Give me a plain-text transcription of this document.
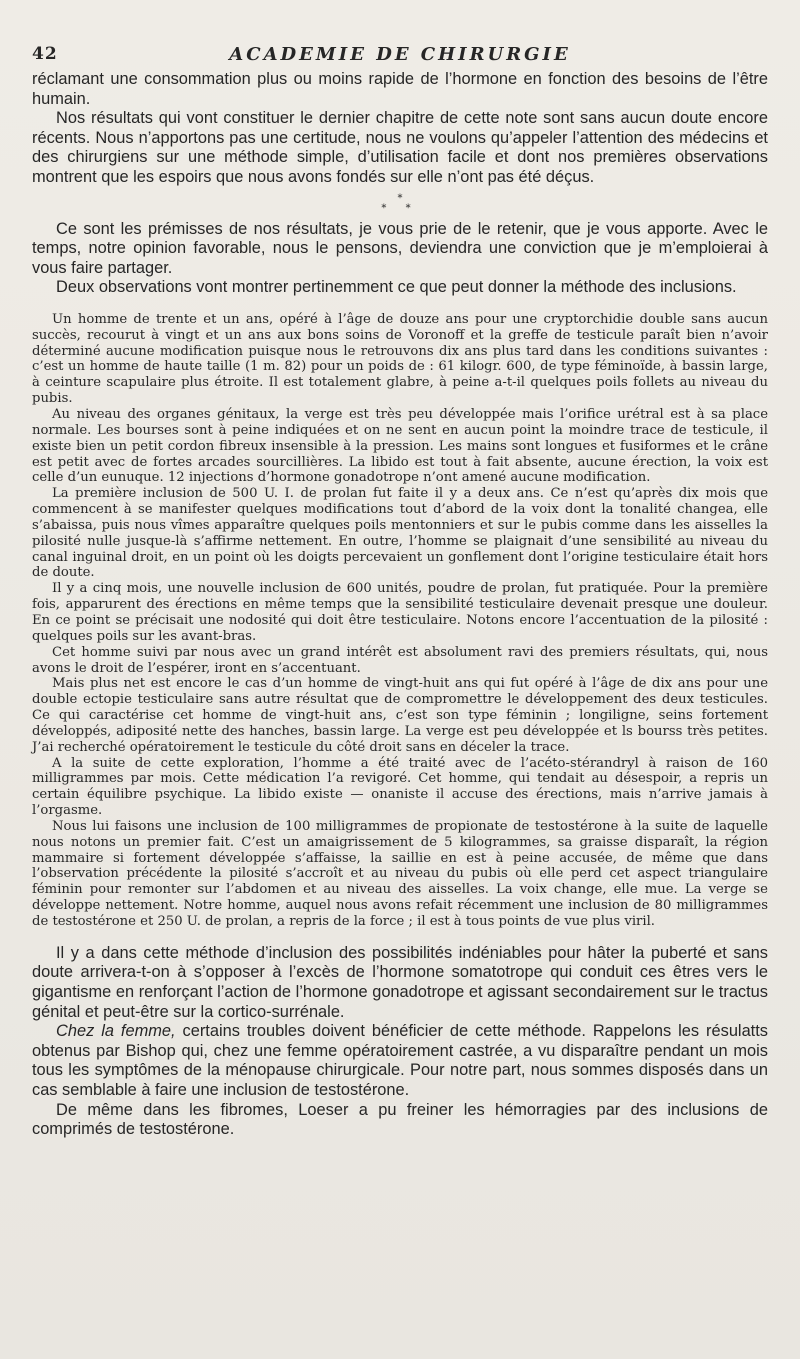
42	ACADEMIE DE CHIRURGIE

réclamant une consommation plus ou moins rapide de l’hormone en fonction des besoins de l’être humain.

Nos résultats qui vont constituer le dernier chapitre de cette note sont sans aucun doute encore récents. Nous n’apportons pas une certitude, nous ne voulons qu’appeler l’attention des médecins et des chirurgiens sur une méthode simple, d’utilisation facile et dont nos premières observations montrent que les espoirs que nous avons fondés sur elle n’ont pas été déçus.

*
* *

Ce sont les prémisses de nos résultats, je vous prie de le retenir, que je vous apporte. Avec le temps, notre opinion favorable, nous le pensons, deviendra une conviction que je m’emploierai à vous faire partager.

Deux observations vont montrer pertinemment ce que peut donner la méthode des inclusions.

Un homme de trente et un ans, opéré à l’âge de douze ans pour une cryptorchidie double sans aucun succès, recourut à vingt et un ans aux bons soins de Voronoff et la greffe de testicule paraît bien n’avoir déterminé aucune modification puisque nous le retrouvons dix ans plus tard dans les conditions suivantes : c’est un homme de haute taille (1 m. 82) pour un poids de : 61 kilogr. 600, de type féminoïde, à bassin large, à ceinture scapulaire plus étroite. Il est totalement glabre, à peine a-t-il quelques poils follets au niveau du pubis.

Au niveau des organes génitaux, la verge est très peu développée mais l’orifice urétral est à sa place normale. Les bourses sont à peine indiquées et on ne sent en aucun point la moindre trace de testicule, il existe bien un petit cordon fibreux insensible à la pression. Les mains sont longues et fusiformes et le crâne est petit avec de fortes arcades sourcillières. La libido est tout à fait absente, aucune érection, la voix est celle d’un eunuque. 12 injections d’hormone gonadotrope n’ont amené aucune modification.

La première inclusion de 500 U. I. de prolan fut faite il y a deux ans. Ce n’est qu’après dix mois que commencent à se manifester quelques modifications tout d’abord de la voix dont la tonalité changea, elle s’abaissa, puis nous vîmes apparaître quelques poils mentonniers et sur le pubis comme dans les aisselles la pilosité nulle jusque-là s’affirme nettement. En outre, l’homme se plaignait d’une sensibilité au niveau du canal inguinal droit, en un point où les doigts percevaient un gonflement dont l’origine testiculaire était hors de doute.

Il y a cinq mois, une nouvelle inclusion de 600 unités, poudre de prolan, fut pratiquée. Pour la première fois, apparurent des érections en même temps que la sensibilité testiculaire devenait presque une douleur. En ce point se précisait une nodosité qui doit être testiculaire. Notons encore l’accentuation de la pilosité : quelques poils sur les avant-bras.

Cet homme suivi par nous avec un grand intérêt est absolument ravi des premiers résultats, qui, nous avons le droit de l’espérer, iront en s’accentuant.

Mais plus net est encore le cas d’un homme de vingt-huit ans qui fut opéré à l’âge de dix ans pour une double ectopie testiculaire sans autre résultat que de compromettre le développement des deux testicules. Ce qui caractérise cet homme de vingt-huit ans, c’est son type féminin ; longiligne, seins fortement développés, adiposité nette des hanches, bassin large. La verge est peu développée et ls bourss très petites. J’ai recherché opératoirement le testicule du côté droit sans en déceler la trace.

A la suite de cette exploration, l’homme a été traité avec de l’acéto-stérandryl à raison de 160 milligrammes par mois. Cette médication l’a revigoré. Cet homme, qui tendait au désespoir, a repris un certain équilibre psychique. La libido existe — onaniste il accuse des érections, mais n’arrive jamais à l’orgasme.

Nous lui faisons une inclusion de 100 milligrammes de propionate de testostérone à la suite de laquelle nous notons un premier fait. C’est un amaigrissement de 5 kilogrammes, sa graisse disparaît, la région mammaire si fortement développée s’affaisse, la saillie en est à peine accusée, de même que dans l’observation précédente la pilosité s’accroît et au niveau du pubis où elle perd cet aspect triangulaire féminin pour remonter sur l’abdomen et au niveau des aisselles. La voix change, elle mue. La verge se développe nettement. Notre homme, auquel nous avons refait récemment une inclusion de 80 milligrammes de testostérone et 250 U. de prolan, a repris de la force ; il est à tous points de vue plus viril.

Il y a dans cette méthode d’inclusion des possibilités indéniables pour hâter la puberté et sans doute arrivera-t-on à s’opposer à l’excès de l’hormone somatotrope qui conduit ces êtres vers le gigantisme en renforçant l’action de l’hormone gonadotrope et agissant secondairement sur le tractus génital et peut-être sur la cortico-surrénale.

Chez la femme, certains troubles doivent bénéficier de cette méthode. Rappelons les résulatts obtenus par Bishop qui, chez une femme opératoirement castrée, a vu disparaître pendant un mois tous les symptômes de la ménopause chirurgicale. Pour notre part, nous sommes disposés dans un cas semblable à faire une inclusion de testostérone.

De même dans les fibromes, Loeser a pu freiner les hémorragies par des inclusions de comprimés de testostérone.
